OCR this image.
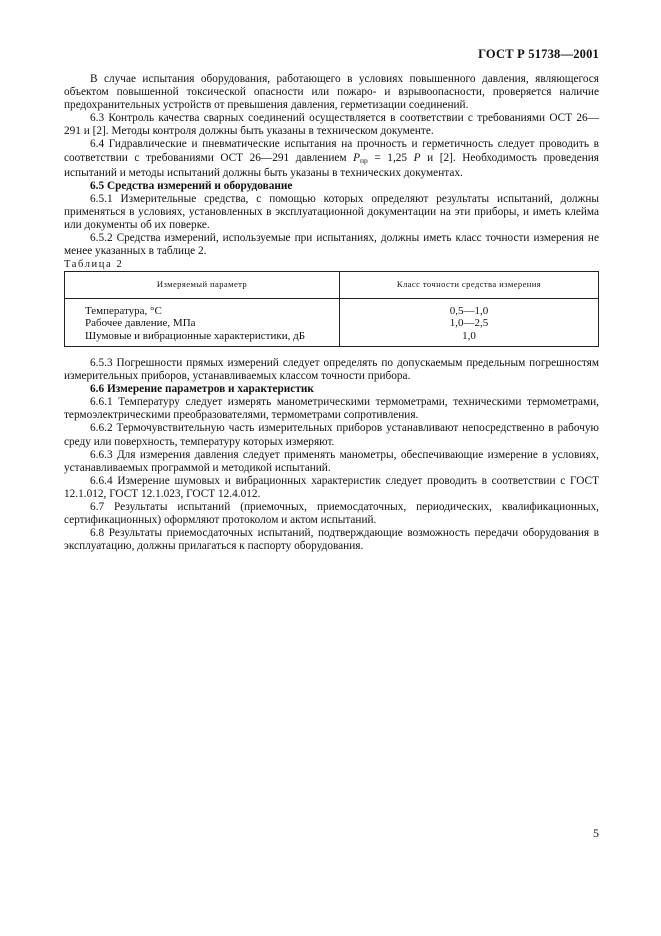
ГОСТ Р 51738—2001

В случае испытания оборудования, работающего в условиях повышенного давления, являющегося объектом повышенной токсической опасности или пожаро- и взрывоопасности, проверяется наличие предохранительных устройств от превышения давления, герметизации соединений.

6.3 Контроль качества сварных соединений осуществляется в соответствии с требованиями ОСТ 26—291 и [2]. Методы контроля должны быть указаны в техническом документе.

6.4 Гидравлические и пневматические испытания на прочность и герметичность следует проводить в соответствии с требованиями ОСТ 26—291 давлением $P_{пр} = 1,25$ P и [2]. Необходимость проведения испытаний и методы испытаний должны быть указаны в технических документах.

6.5 Средства измерений и оборудование

6.5.1 Измерительные средства, с помощью которых определяют результаты испытаний, должны применяться в условиях, установленных в эксплуатационной документации на эти приборы, и иметь клейма или документы об их поверке.

6.5.2 Средства измерений, используемые при испытаниях, должны иметь класс точности измерения не менее указанных в таблице 2.

Таблица 2

Измеряемый параметр	Класс точности средства измерения
Температура, °С	0,5—1,0
Рабочее давление, МПа	1,0—2,5
Шумовые и вибрационные характеристики, дБ	1,0

6.5.3 Погрешности прямых измерений следует определять по допускаемым предельным погрешностям измерительных приборов, устанавливаемых классом точности прибора.

6.6 Измерение параметров и характеристик

6.6.1 Температуру следует измерять манометрическими термометрами, техническими термометрами, термоэлектрическими преобразователями, термометрами сопротивления.

6.6.2 Термочувствительную часть измерительных приборов устанавливают непосредственно в рабочую среду или поверхность, температуру которых измеряют.

6.6.3 Для измерения давления следует применять манометры, обеспечивающие измерение в условиях, устанавливаемых программой и методикой испытаний.

6.6.4 Измерение шумовых и вибрационных характеристик следует проводить в соответствии с ГОСТ 12.1.012, ГОСТ 12.1.023, ГОСТ 12.4.012.

6.7 Результаты испытаний (приемочных, приемосдаточных, периодических, квалификационных, сертификационных) оформляют протоколом и актом испытаний.

6.8 Результаты приемосдаточных испытаний, подтверждающие возможность передачи оборудования в эксплуатацию, должны прилагаться к паспорту оборудования.

5
